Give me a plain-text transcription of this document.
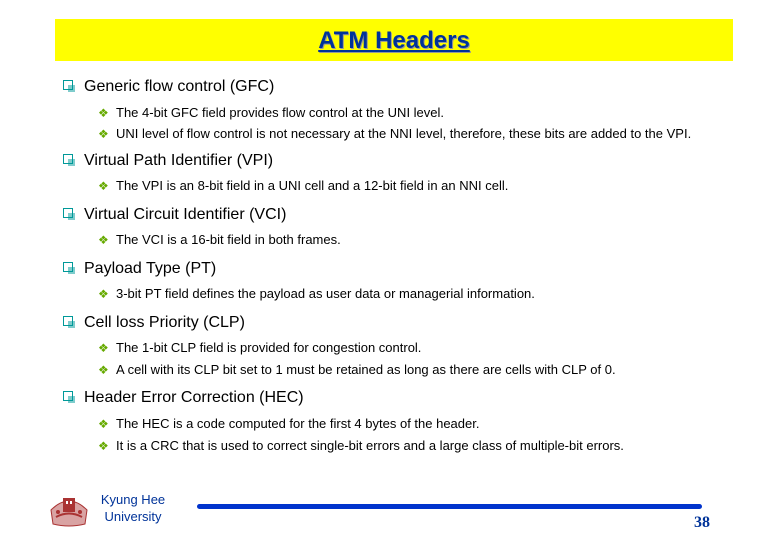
ATM Headers
Generic flow control (GFC)
❖ The 4-bit GFC field provides flow control at the UNI level.
❖ UNI level of flow control is not necessary at the NNI level, therefore, these bits are added to the VPI.
Virtual Path Identifier (VPI)
❖ The VPI is an 8-bit field in a UNI cell and a 12-bit field in an NNI cell.
Virtual Circuit Identifier (VCI)
❖ The VCI is a 16-bit field in both frames.
Payload Type (PT)
❖ 3-bit PT field defines the payload as user data or managerial information.
Cell loss Priority (CLP)
❖ The 1-bit CLP field is provided for congestion control.
❖ A cell with its CLP bit set to 1 must be retained as long as there are cells with CLP of 0.
Header Error Correction (HEC)
❖ The HEC is a code computed for the first 4 bytes of the header.
❖ It is a CRC that is used to correct single-bit errors and a large class of multiple-bit errors.
Kyung Hee
University	38
